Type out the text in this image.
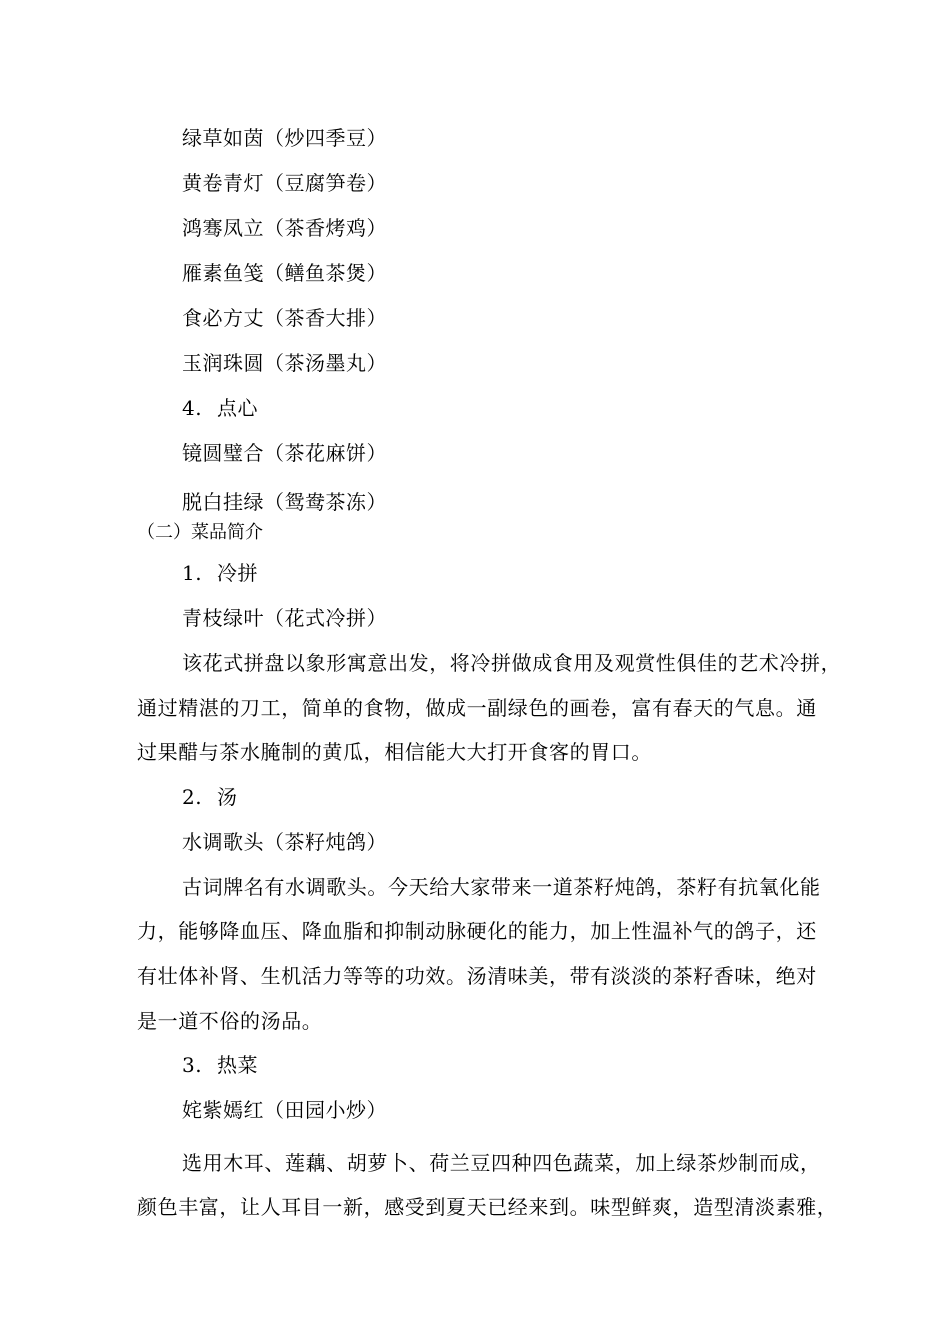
绿草如茵（炒四季豆）
黄卷青灯（豆腐笋卷）
鸿骞凤立（茶香烤鸡）
雁素鱼笺（鳝鱼茶煲）
食必方丈（茶香大排）
玉润珠圆（茶汤墨丸）
4. 点心
镜圆璧合（茶花麻饼）
脱白挂绿（鸳鸯茶冻）
（二）菜品简介
1. 冷拼
青枝绿叶（花式冷拼）
该花式拼盘以象形寓意出发，将冷拼做成食用及观赏性俱佳的艺术冷拼，
通过精湛的刀工，简单的食物，做成一副绿色的画卷，富有春天的气息。通
过果醋与茶水腌制的黄瓜，相信能大大打开食客的胃口。
2. 汤
水调歌头（茶籽炖鸽）
古词牌名有水调歌头。今天给大家带来一道茶籽炖鸽，茶籽有抗氧化能
力，能够降血压、降血脂和抑制动脉硬化的能力，加上性温补气的鸽子，还
有壮体补肾、生机活力等等的功效。汤清味美，带有淡淡的茶籽香味，绝对
是一道不俗的汤品。
3. 热菜
姹紫嫣红（田园小炒）
选用木耳、莲藕、胡萝卜、荷兰豆四种四色蔬菜，加上绿茶炒制而成，
颜色丰富，让人耳目一新，感受到夏天已经来到。味型鲜爽，造型清淡素雅，
